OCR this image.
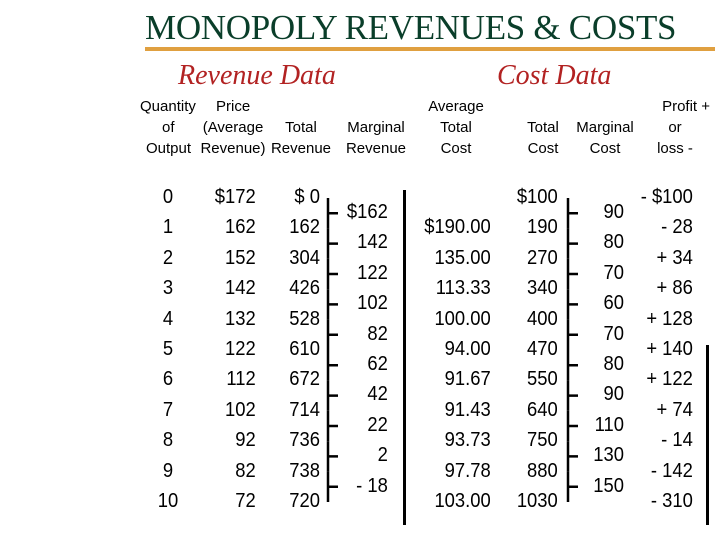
MONOPOLY REVENUES & COSTS
Revenue Data	Cost Data
Quantity
of
Output
Price
(Average
Revenue)
Total
Revenue
Marginal
Revenue
Average
Total
Cost
Total
Cost
Marginal
Cost
Profit +
or
loss -
0
1
2
3
4
5
6
7
8
9
10
$172
162
152
142
132
122
112
102
92
82
72
$ 0
162
304
426
528
610
672
714
736
738
720
$162
142
122
102
82
62
42
22
2
- 18
$190.00
135.00
113.33
100.00
94.00
91.67
91.43
93.73
97.78
103.00
$100
190
270
340
400
470
550
640
750
880
1030
90
80
70
60
70
80
90
110
130
150
- $100
- 28
+ 34
+ 86
+ 128
+ 140
+ 122
+ 74
- 14
- 142
- 310
